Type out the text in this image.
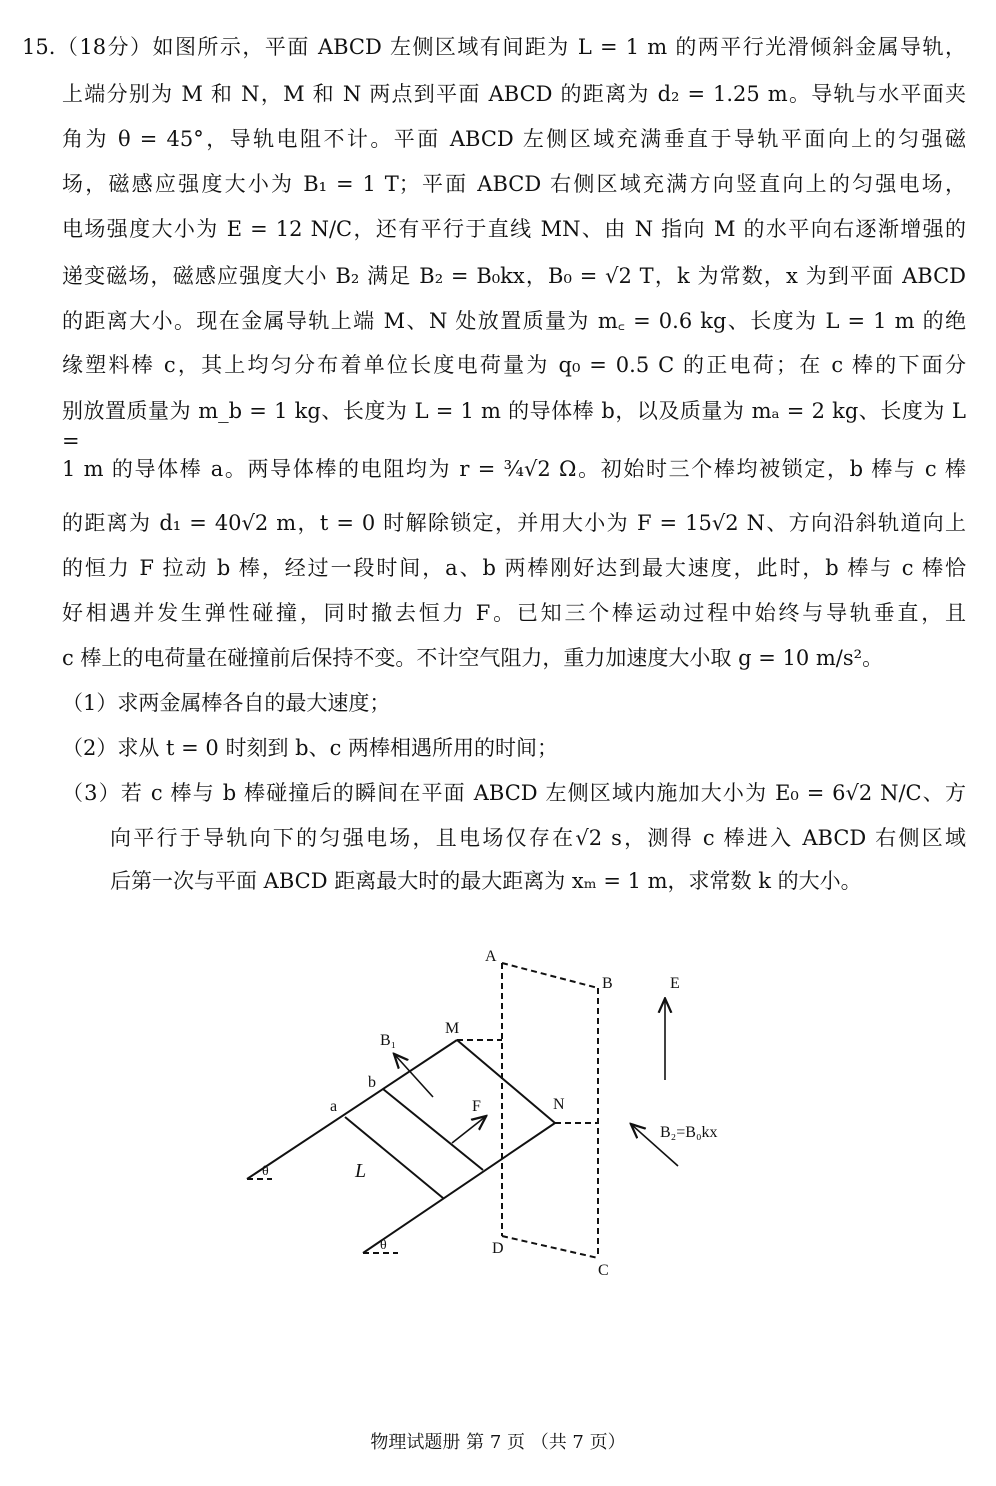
15.（18分）如图所示，平面 ABCD 左侧区域有间距为 L = 1 m 的两平行光滑倾斜金属导轨，
上端分别为 M 和 N，M 和 N 两点到平面 ABCD 的距离为 d₂ = 1.25 m。导轨与水平面夹
角为 θ = 45°，导轨电阻不计。平面 ABCD 左侧区域充满垂直于导轨平面向上的匀强磁
场，磁感应强度大小为 B₁ = 1 T；平面 ABCD 右侧区域充满方向竖直向上的匀强电场，
电场强度大小为 E = 12 N/C，还有平行于直线 MN、由 N 指向 M 的水平向右逐渐增强的
递变磁场，磁感应强度大小 B₂ 满足 B₂ = B₀kx，B₀ = √2 T，k 为常数，x 为到平面 ABCD
的距离大小。现在金属导轨上端 M、N 处放置质量为 m꜀ = 0.6 kg、长度为 L = 1 m 的绝
缘塑料棒 c，其上均匀分布着单位长度电荷量为 q₀ = 0.5 C 的正电荷；在 c 棒的下面分
别放置质量为 m_b = 1 kg、长度为 L = 1 m 的导体棒 b，以及质量为 mₐ = 2 kg、长度为 L =
1 m 的导体棒 a。两导体棒的电阻均为 r = ¾√2 Ω。初始时三个棒均被锁定，b 棒与 c 棒
的距离为 d₁ = 40√2 m，t = 0 时解除锁定，并用大小为 F = 15√2 N、方向沿斜轨道向上
的恒力 F 拉动 b 棒，经过一段时间，a、b 两棒刚好达到最大速度，此时，b 棒与 c 棒恰
好相遇并发生弹性碰撞，同时撤去恒力 F。已知三个棒运动过程中始终与导轨垂直，且
c 棒上的电荷量在碰撞前后保持不变。不计空气阻力，重力加速度大小取 g = 10 m/s²。
（1）求两金属棒各自的最大速度；
（2）求从 t = 0 时刻到 b、c 两棒相遇所用的时间；
（3）若 c 棒与 b 棒碰撞后的瞬间在平面 ABCD 左侧区域内施加大小为 E₀ = 6√2 N/C、方
向平行于导轨向下的匀强电场，且电场仅存在√2 s，测得 c 棒进入 ABCD 右侧区域
后第一次与平面 ABCD 距离最大时的最大距离为 xₘ = 1 m，求常数 k 的大小。
A
B	E
M
B₁
b
a	F	N
B₂=B₀kx
L
θ
θ	D
C
物理试题册 第 7 页 （共 7 页）
